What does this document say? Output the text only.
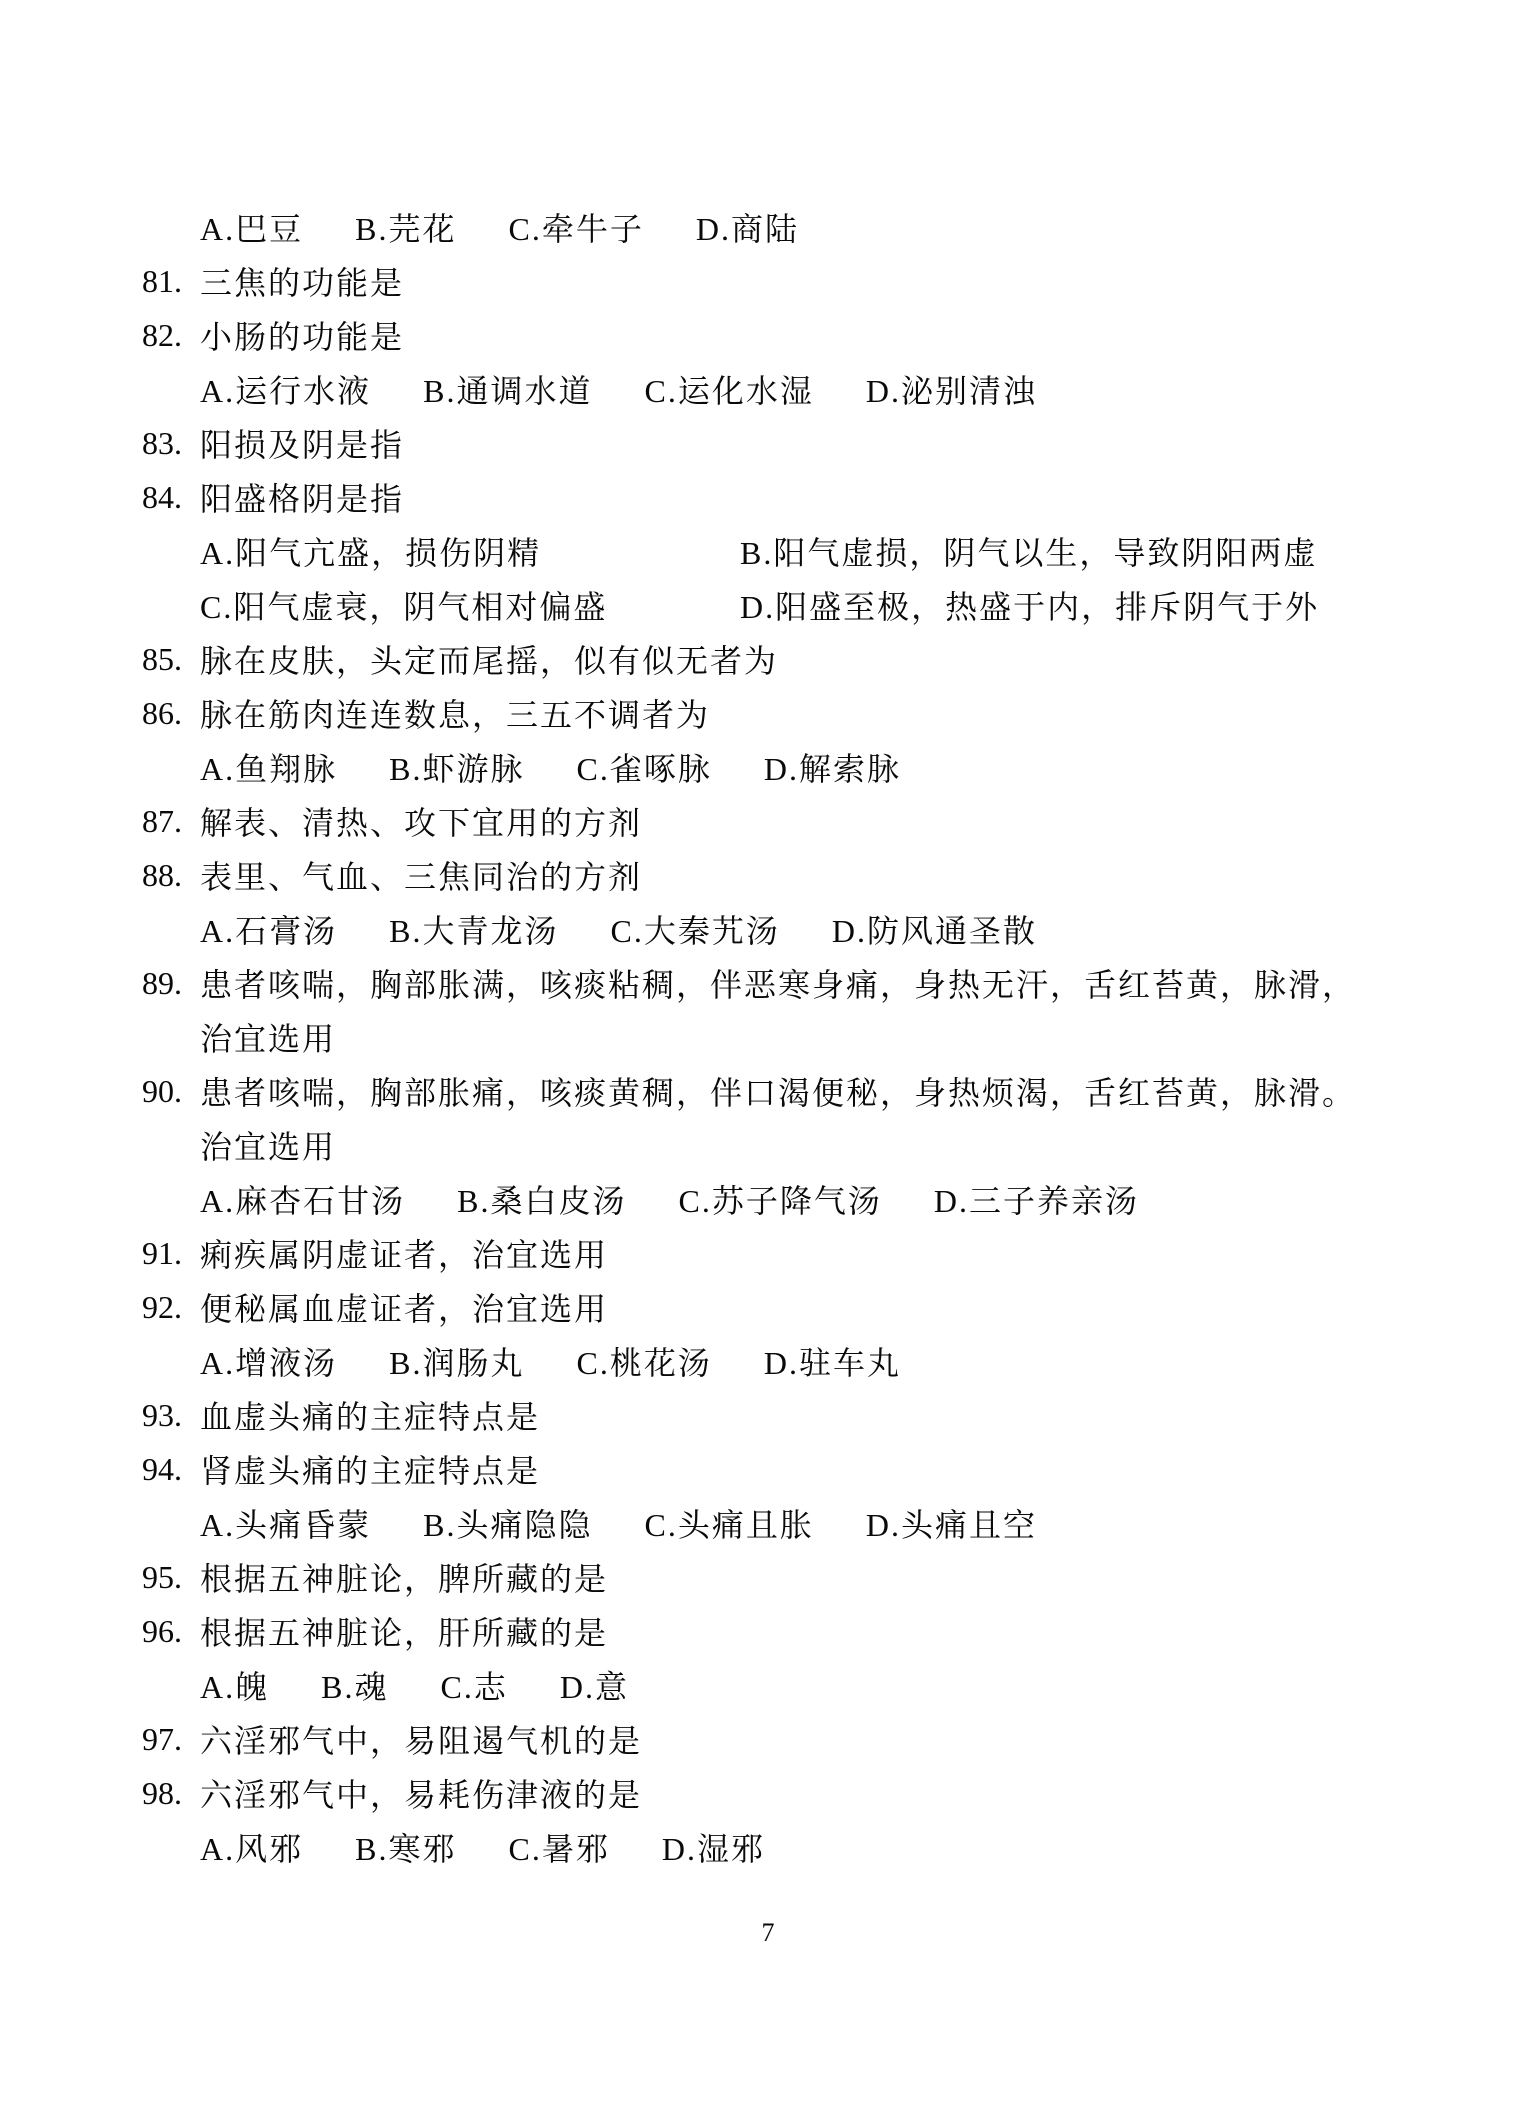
A.巴豆 B.芫花 C.牵牛子 D.商陆
81. 三焦的功能是
82. 小肠的功能是
A.运行水液 B.通调水道 C.运化水湿 D.泌别清浊
83. 阳损及阴是指
84. 阳盛格阴是指
A.阳气亢盛，损伤阴精	B.阳气虚损，阴气以生，导致阴阳两虚
C.阳气虚衰，阴气相对偏盛	D.阳盛至极，热盛于内，排斥阴气于外
85. 脉在皮肤，头定而尾摇，似有似无者为
86. 脉在筋肉连连数息，三五不调者为
A.鱼翔脉 B.虾游脉 C.雀啄脉 D.解索脉
87. 解表、清热、攻下宜用的方剂
88. 表里、气血、三焦同治的方剂
A.石膏汤 B.大青龙汤 C.大秦艽汤 D.防风通圣散
89. 患者咳喘，胸部胀满，咳痰粘稠，伴恶寒身痛，身热无汗，舌红苔黄，脉滑，
治宜选用
90. 患者咳喘，胸部胀痛，咳痰黄稠，伴口渴便秘，身热烦渴，舌红苔黄，脉滑。
治宜选用
A.麻杏石甘汤 B.桑白皮汤 C.苏子降气汤 D.三子养亲汤
91. 痢疾属阴虚证者，治宜选用
92. 便秘属血虚证者，治宜选用
A.增液汤 B.润肠丸 C.桃花汤 D.驻车丸
93. 血虚头痛的主症特点是
94. 肾虚头痛的主症特点是
A.头痛昏蒙 B.头痛隐隐 C.头痛且胀 D.头痛且空
95. 根据五神脏论，脾所藏的是
96. 根据五神脏论，肝所藏的是
A.魄 B.魂 C.志 D.意
97. 六淫邪气中，易阻遏气机的是
98. 六淫邪气中，易耗伤津液的是
A.风邪 B.寒邪 C.暑邪 D.湿邪
7
